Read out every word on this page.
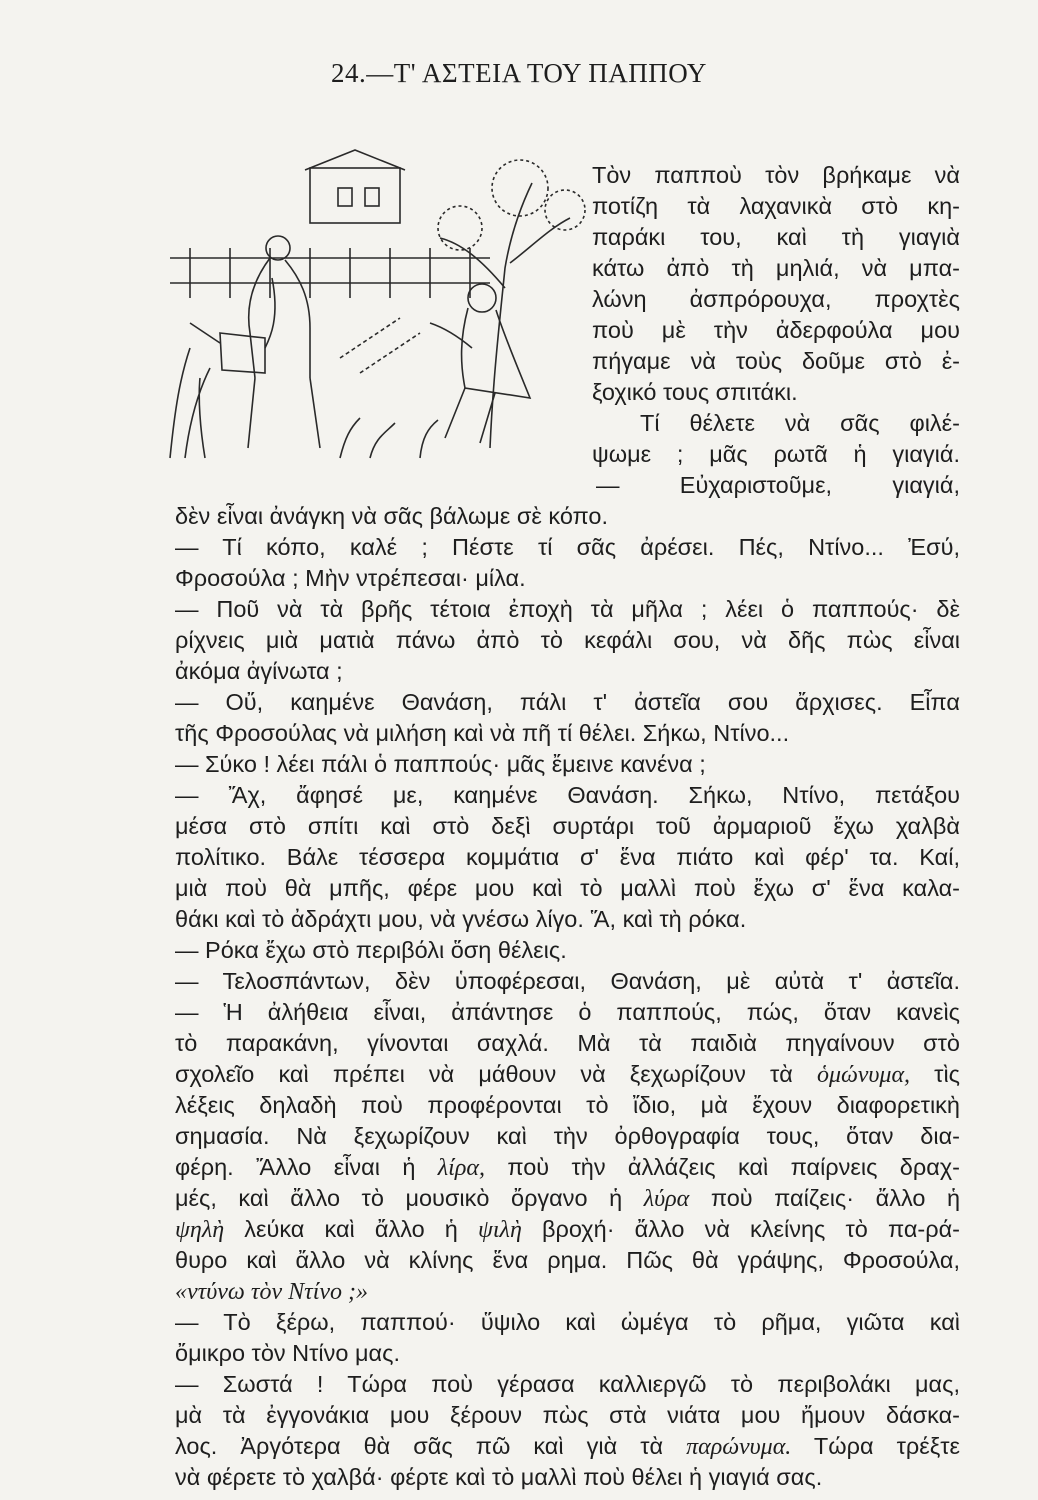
24.—Τ' ΑΣΤΕΙΑ ΤΟΥ ΠΑΠΠΟΥ
Τὸν παπποὺ τὸν βρήκαμε νὰ
ποτίζη τὰ λαχανικὰ στὸ κη-
παράκι του, καὶ τὴ γιαγιὰ
κάτω ἀπὸ τὴ μηλιά, νὰ μπα-
λώνη ἀσπρόρουχα, προχτὲς
ποὺ μὲ τὴν ἀδερφούλα μου
πήγαμε νὰ τοὺς δοῦμε στὸ ἐ-
ξοχικό τους σπιτάκι.
Τί θέλετε νὰ σᾶς φιλέ-
ψωμε ; μᾶς ρωτᾶ ἡ γιαγιά.
— Εὐχαριστοῦμε, γιαγιά,
δὲν εἶναι ἀνάγκη νὰ σᾶς βάλωμε σὲ κόπο.
— Τί κόπο, καλέ ; Πέστε τί σᾶς ἀρέσει. Πές, Ντίνο... Ἐσύ,
Φροσούλα ; Μὴν ντρέπεσαι· μίλα.
— Ποῦ νὰ τὰ βρῆς τέτοια ἐποχὴ τὰ μῆλα ; λέει ὁ παππούς· δὲ
ρίχνεις μιὰ ματιὰ πάνω ἀπὸ τὸ κεφάλι σου, νὰ δῆς πὼς εἶναι
ἀκόμα ἀγίνωτα ;
— Οὔ, καημένε Θανάση, πάλι τ' ἀστεῖα σου ἄρχισες. Εἶπα
τῆς Φροσούλας νὰ μιλήση καὶ νὰ πῆ τί θέλει. Σήκω, Ντίνο...
— Σύκο ! λέει πάλι ὁ παππούς· μᾶς ἔμεινε κανένα ;
— Ἄχ, ἄφησέ με, καημένε Θανάση. Σήκω, Ντίνο, πετάξου
μέσα στὸ σπίτι καὶ στὸ δεξὶ συρτάρι τοῦ ἀρμαριοῦ ἔχω χαλβὰ
πολίτικο. Βάλε τέσσερα κομμάτια σ' ἕνα πιάτο καὶ φέρ' τα. Καί,
μιὰ ποὺ θὰ μπῆς, φέρε μου καὶ τὸ μαλλὶ ποὺ ἔχω σ' ἕνα καλα-
θάκι καὶ τὸ ἀδράχτι μου, νὰ γνέσω λίγο. Ἅ, καὶ τὴ ρόκα.
— Ρόκα ἔχω στὸ περιβόλι ὅση θέλεις.
— Τελοσπάντων, δὲν ὑποφέρεσαι, Θανάση, μὲ αὐτὰ τ' ἀστεῖα.
— Ἡ ἀλήθεια εἶναι, ἀπάντησε ὁ παππούς, πώς, ὅταν κανεὶς
τὸ παρακάνη, γίνονται σαχλά. Μὰ τὰ παιδιὰ πηγαίνουν στὸ
σχολεῖο καὶ πρέπει νὰ μάθουν νὰ ξεχωρίζουν τὰ ὁμώνυμα, τὶς
λέξεις δηλαδὴ ποὺ προφέρονται τὸ ἴδιο, μὰ ἔχουν διαφορετικὴ
σημασία. Νὰ ξεχωρίζουν καὶ τὴν ὀρθογραφία τους, ὅταν δια-
φέρη. Ἄλλο εἶναι ἡ λίρα, ποὺ τὴν ἀλλάζεις καὶ παίρνεις δραχ-
μές, καὶ ἄλλο τὸ μουσικὸ ὄργανο ἡ λύρα ποὺ παίζεις· ἄλλο ἡ
ψηλὴ λεύκα καὶ ἄλλο ἡ ψιλὴ βροχή· ἄλλο νὰ κλείνης τὸ πα-ρά-
θυρο καὶ ἄλλο νὰ κλίνης ἕνα ρημα. Πῶς θὰ γράψης, Φροσούλα,
«ντύνω τὸν Ντίνο ;»
— Τὸ ξέρω, παππού· ὕψιλο καὶ ὠμέγα τὸ ρῆμα, γιῶτα καὶ
ὄμικρο τὸν Ντίνο μας.
— Σωστά ! Τώρα ποὺ γέρασα καλλιεργῶ τὸ περιβολάκι μας,
μὰ τὰ ἐγγονάκια μου ξέρουν πὼς στὰ νιάτα μου ἤμουν δάσκα-
λος. Ἀργότερα θὰ σᾶς πῶ καὶ γιὰ τὰ παρώνυμα. Τώρα τρέξτε
νὰ φέρετε τὸ χαλβά· φέρτε καὶ τὸ μαλλὶ ποὺ θέλει ἡ γιαγιά σας.
